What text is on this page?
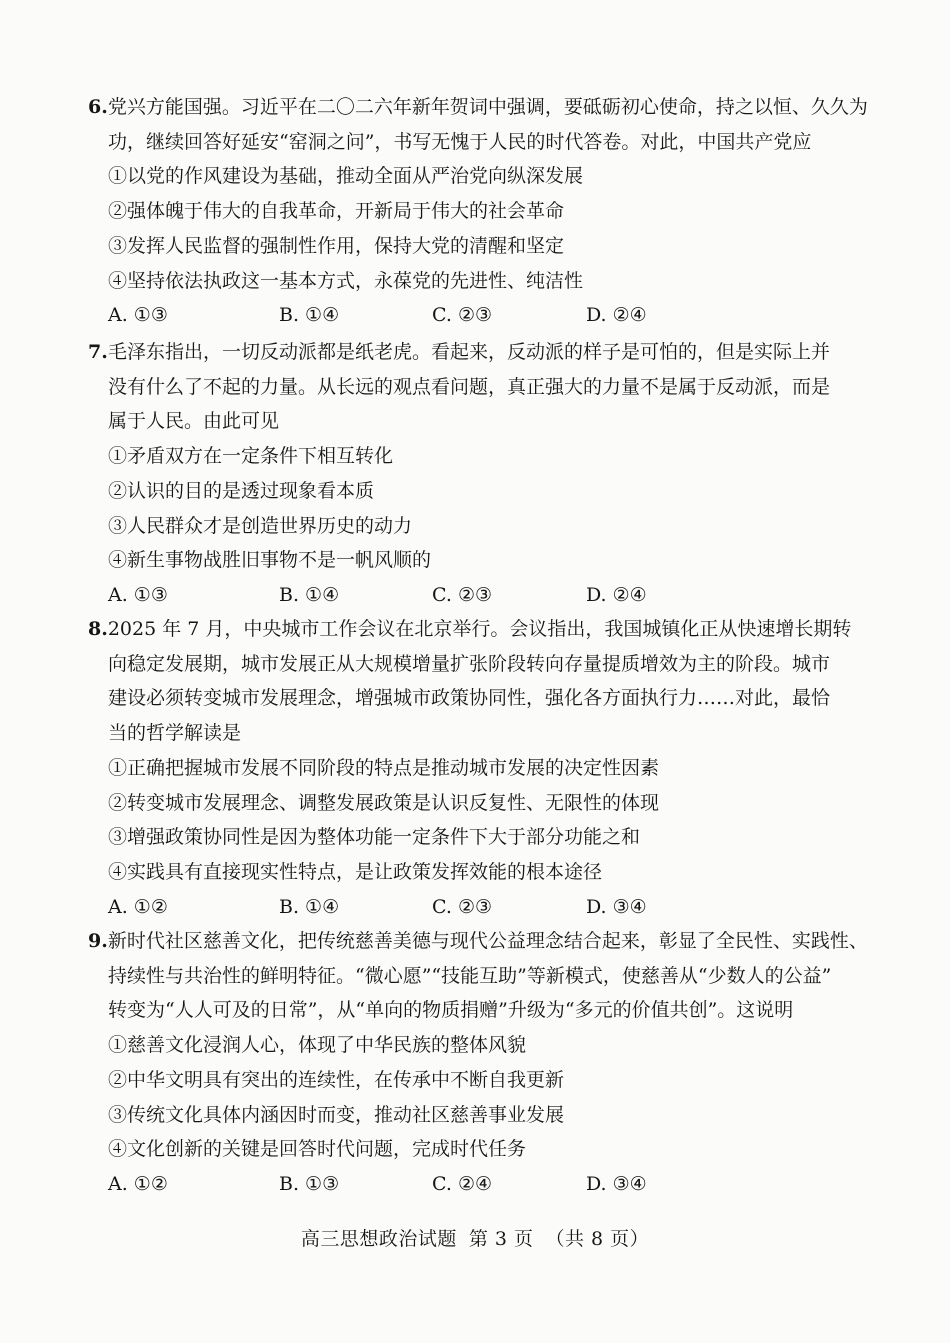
6. 党兴方能国强。习近平在二〇二六年新年贺词中强调，要砥砺初心使命，持之以恒、久久为

功，继续回答好延安“窑洞之问”，书写无愧于人民的时代答卷。对此，中国共产党应

①以党的作风建设为基础，推动全面从严治党向纵深发展
②强体魄于伟大的自我革命，开新局于伟大的社会革命
③发挥人民监督的强制性作用，保持大党的清醒和坚定
④坚持依法执政这一基本方式，永葆党的先进性、纯洁性
A. ①③	B. ①④	C. ②③	D. ②④

7. 毛泽东指出，一切反动派都是纸老虎。看起来，反动派的样子是可怕的，但是实际上并

没有什么了不起的力量。从长远的观点看问题，真正强大的力量不是属于反动派，而是

属于人民。由此可见

①矛盾双方在一定条件下相互转化
②认识的目的是透过现象看本质
③人民群众才是创造世界历史的动力
④新生事物战胜旧事物不是一帆风顺的
A. ①③	B. ①④	C. ②③	D. ②④

8. 2025 年 7 月，中央城市工作会议在北京举行。会议指出，我国城镇化正从快速增长期转

向稳定发展期，城市发展正从大规模增量扩张阶段转向存量提质增效为主的阶段。城市

建设必须转变城市发展理念，增强城市政策协同性，强化各方面执行力……对此，最恰

当的哲学解读是

①正确把握城市发展不同阶段的特点是推动城市发展的决定性因素
②转变城市发展理念、调整发展政策是认识反复性、无限性的体现
③增强政策协同性是因为整体功能一定条件下大于部分功能之和
④实践具有直接现实性特点，是让政策发挥效能的根本途径
A. ①②	B. ①④	C. ②③	D. ③④

9. 新时代社区慈善文化，把传统慈善美德与现代公益理念结合起来，彰显了全民性、实践性、

持续性与共治性的鲜明特征。“微心愿”“技能互助”等新模式，使慈善从“少数人的公益”

转变为“人人可及的日常”，从“单向的物质捐赠”升级为“多元的价值共创”。这说明

①慈善文化浸润人心，体现了中华民族的整体风貌
②中华文明具有突出的连续性，在传承中不断自我更新
③传统文化具体内涵因时而变，推动社区慈善事业发展
④文化创新的关键是回答时代问题，完成时代任务
A. ①②	B. ①③	C. ②④	D. ③④
高三思想政治试题 第 3 页 （共 8 页）
